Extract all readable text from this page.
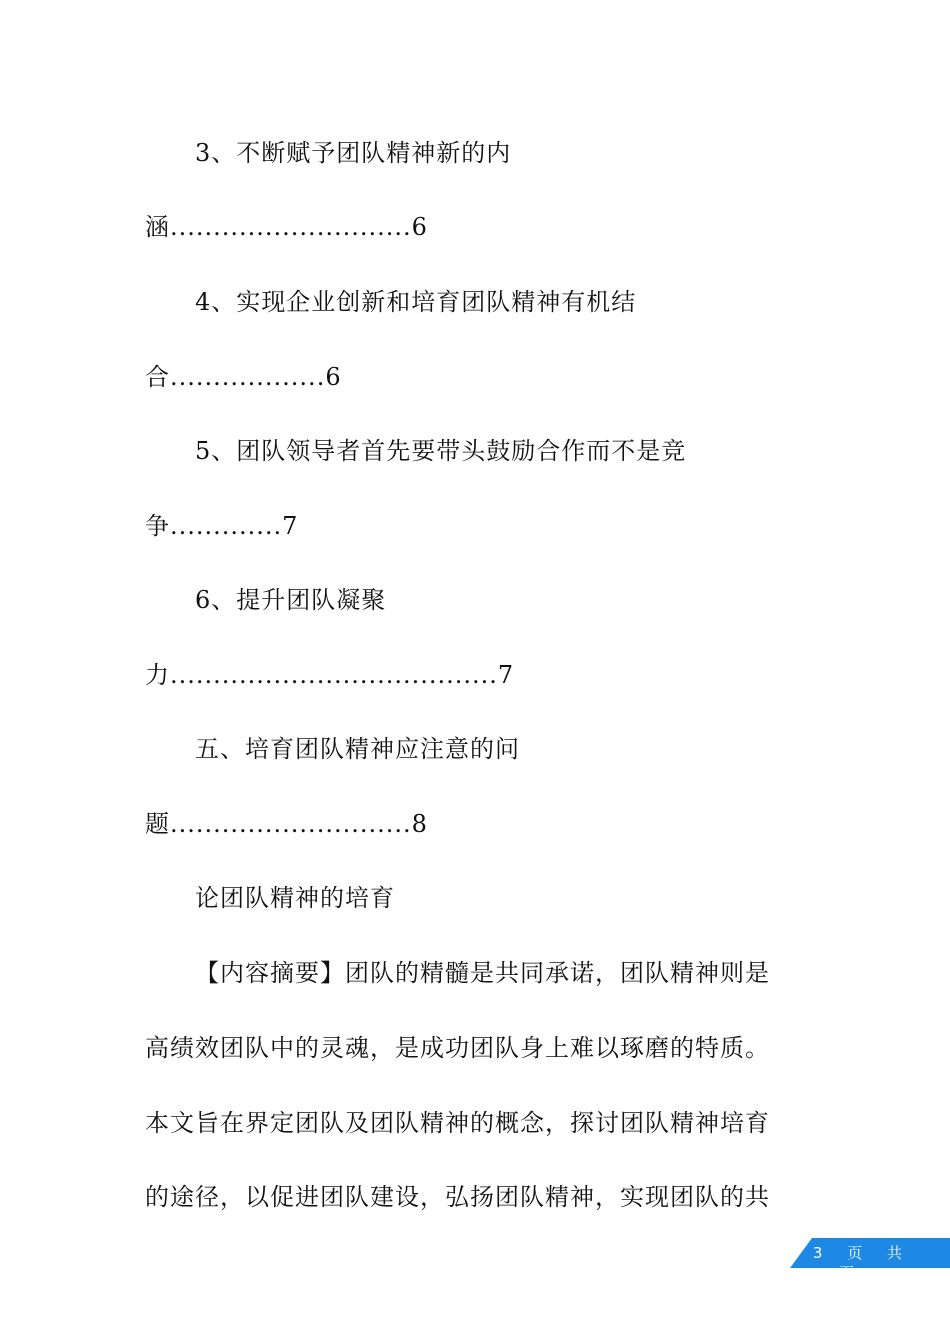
3、不断赋予团队精神新的内
涵............................6
4、实现企业创新和培育团队精神有机结
合..................6
5、团队领导者首先要带头鼓励合作而不是竞
争.............7
6、提升团队凝聚
力......................................7
五、培育团队精神应注意的问
题............................8
论团队精神的培育
【内容摘要】团队的精髓是共同承诺，团队精神则是
高绩效团队中的灵魂，是成功团队身上难以琢磨的特质。
本文旨在界定团队及团队精神的概念，探讨团队精神培育
的途径，以促进团队建设，弘扬团队精神，实现团队的共
第 3 页 共
页
